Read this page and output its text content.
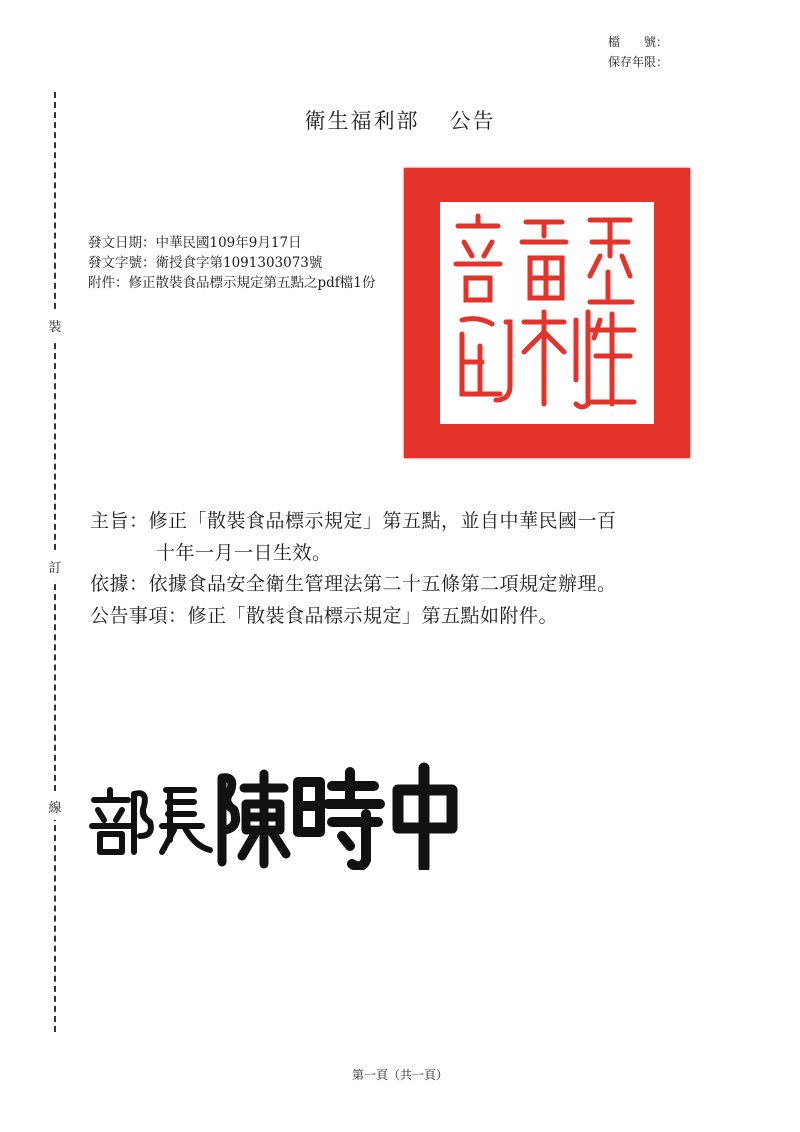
檔　　號：
保存年限：
裝
訂
線
衛生福利部 公告
發文日期：中華民國109年9月17日
發文字號：衛授食字第1091303073號
附件：修正散裝食品標示規定第五點之pdf檔1份
主旨：修正「散裝食品標示規定」第五點，並自中華民國一百
十年一月一日生效。
依據：依據食品安全衛生管理法第二十五條第二項規定辦理。
公告事項：修正「散裝食品標示規定」第五點如附件。
第一頁（共一頁）
